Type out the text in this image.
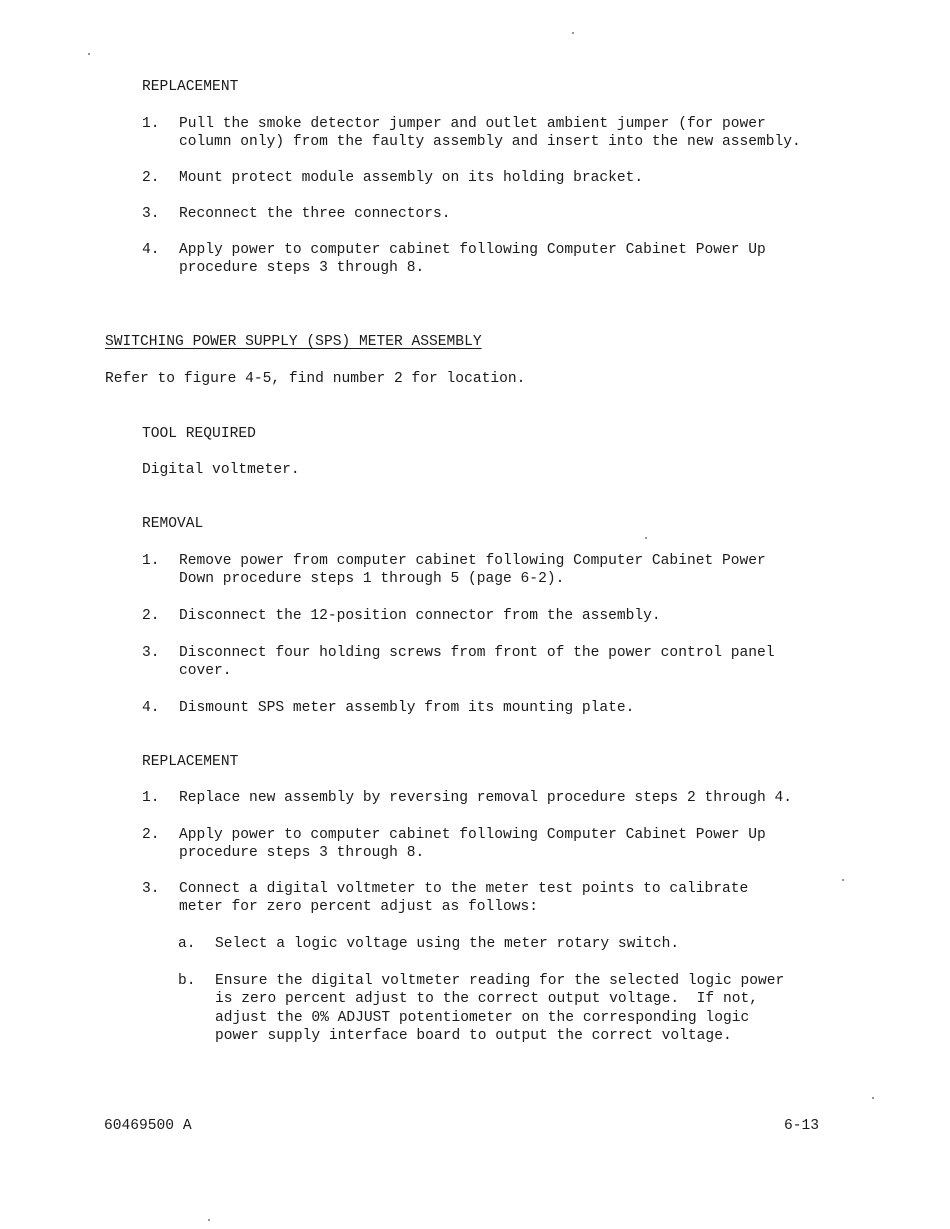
REPLACEMENT

1.

Pull the smoke detector jumper and outlet ambient jumper (for power
column only) from the faulty assembly and insert into the new assembly.

2.

Mount protect module assembly on its holding bracket.

3.

Reconnect the three connectors.

4.

Apply power to computer cabinet following Computer Cabinet Power Up
procedure steps 3 through 8.

SWITCHING POWER SUPPLY (SPS) METER ASSEMBLY
Refer to figure 4-5, find number 2 for location.
TOOL REQUIRED
Digital voltmeter.
REMOVAL

1.

Remove power from computer cabinet following Computer Cabinet Power
Down procedure steps 1 through 5 (page 6-2).

2.

Disconnect the 12-position connector from the assembly.

3.

Disconnect four holding screws from front of the power control panel
cover.

4.

Dismount SPS meter assembly from its mounting plate.

REPLACEMENT

1.

Replace new assembly by reversing removal procedure steps 2 through 4.

2.

Apply power to computer cabinet following Computer Cabinet Power Up
procedure steps 3 through 8.

3.

Connect a digital voltmeter to the meter test points to calibrate
meter for zero percent adjust as follows:

a.

Select a logic voltage using the meter rotary switch.

b.

Ensure the digital voltmeter reading for the selected logic power
is zero percent adjust to the correct output voltage.  If not,
adjust the 0% ADJUST potentiometer on the corresponding logic
power supply interface board to output the correct voltage.

60469500 A	6-13
